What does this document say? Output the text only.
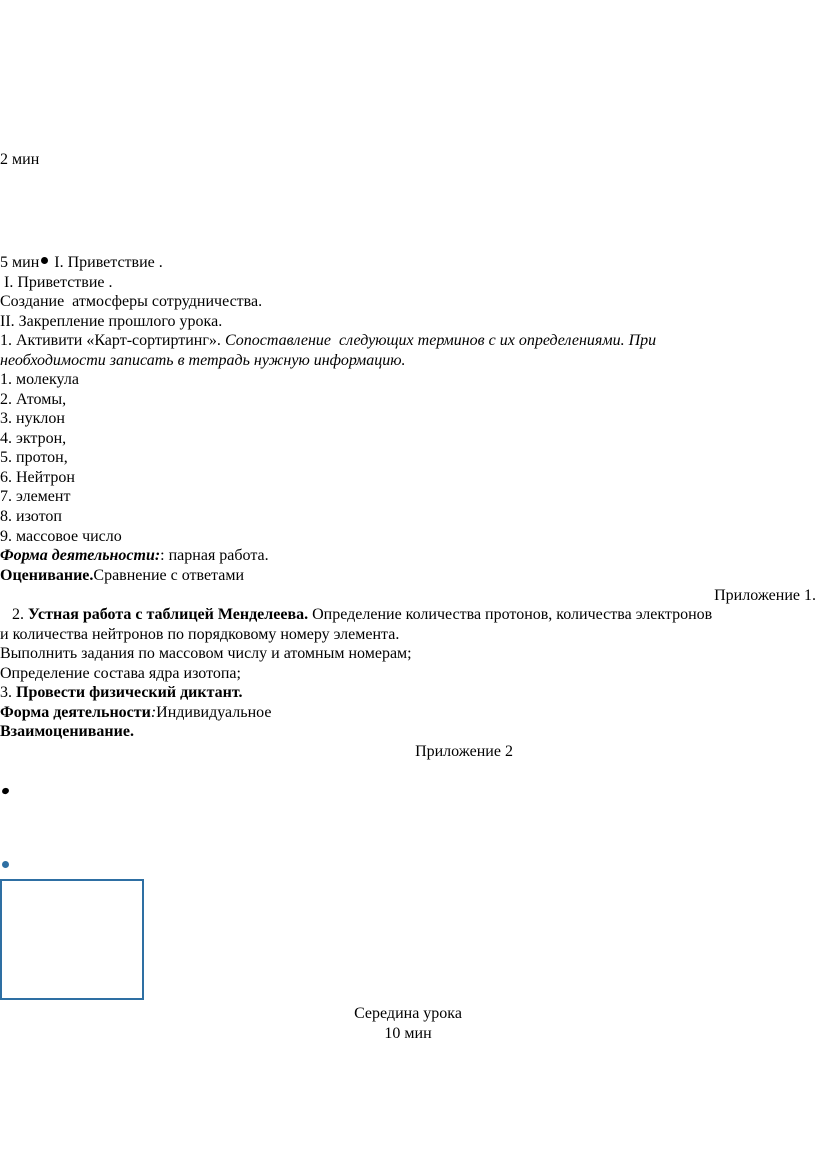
2 мин
5 мин I. Приветствие .
I. Приветствие .
Создание  атмосферы сотрудничества.
II. Закрепление прошлого урока.
1. Активити «Карт-сортиртинг». Сопоставление  следующих терминов с их определениями. При
необходимости записать в тетрадь нужную информацию.
1. молекула
2. Атомы,
3. нуклон
4. эктрон,
5. протон,
6. Нейтрон
7. элемент
8. изотоп
9. массовое число
Форма деятельности:: парная работа.
Оценивание.Сравнение с ответами
Приложение 1.
2. Устная работа с таблицей Менделеева. Определение количества протонов, количества электронов
и количества нейтронов по порядковому номеру элемента.
Выполнить задания по массовом числу и атомным номерам;
Определение состава ядра изотопа;
3. Провести физический диктант.
Форма деятельности:Индивидуальное
Взаимоценивание.
Приложение 2
Середина урока
10 мин
